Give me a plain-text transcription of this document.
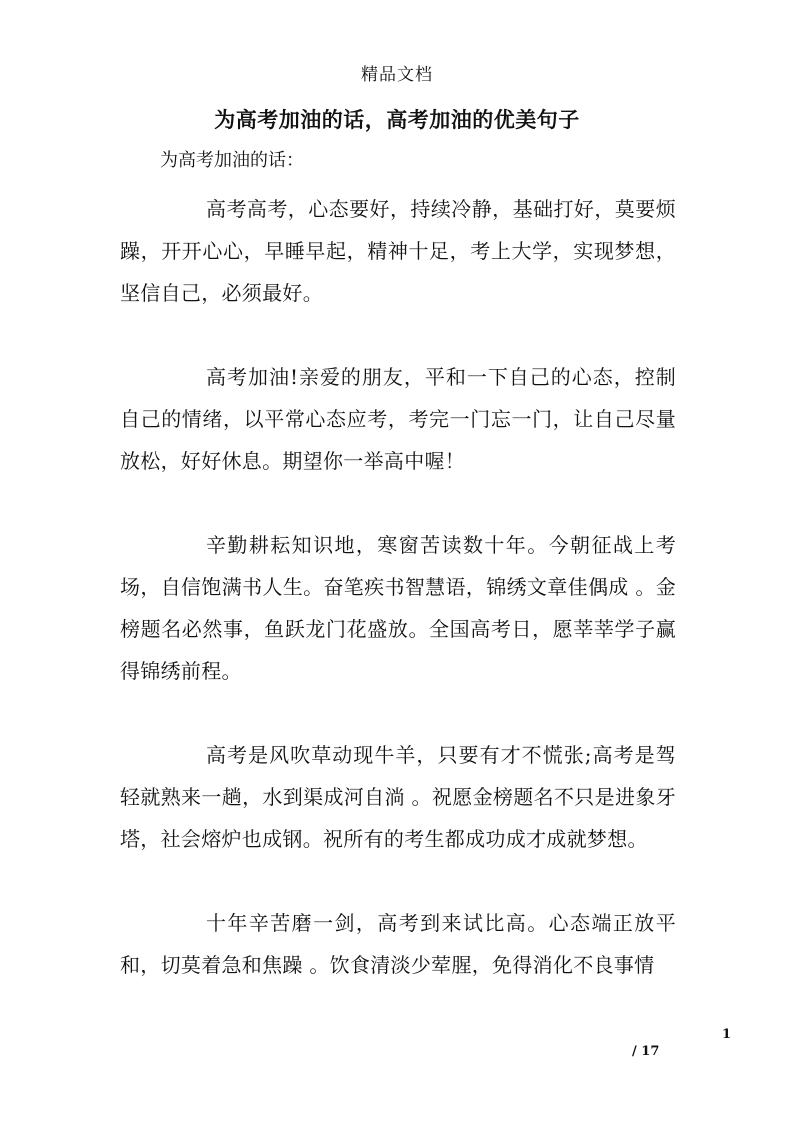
精品文档
为高考加油的话，高考加油的优美句子
为高考加油的话：

高考高考，心态要好，持续冷静，基础打好，莫要烦躁，开开心心，早睡早起，精神十足，考上大学，实现梦想，坚信自己，必须最好。

高考加油!亲爱的朋友，平和一下自己的心态，控制自己的情绪，以平常心态应考，考完一门忘一门，让自己尽量放松，好好休息。期望你一举高中喔！

辛勤耕耘知识地，寒窗苦读数十年。今朝征战上考场，自信饱满书人生。奋笔疾书智慧语，锦绣文章佳偶成 。金榜题名必然事，鱼跃龙门花盛放。全国高考日，愿莘莘学子赢得锦绣前程。

高考是风吹草动现牛羊，只要有才不慌张;高考是驾轻就熟来一趟，水到渠成河自淌 。祝愿金榜题名不只是进象牙塔，社会熔炉也成钢。祝所有的考生都成功成才成就梦想。

十年辛苦磨一剑，高考到来试比高。心态端正放平和，切莫着急和焦躁 。饮食清淡少荤腥，免得消化不良事情

1
/ 17
